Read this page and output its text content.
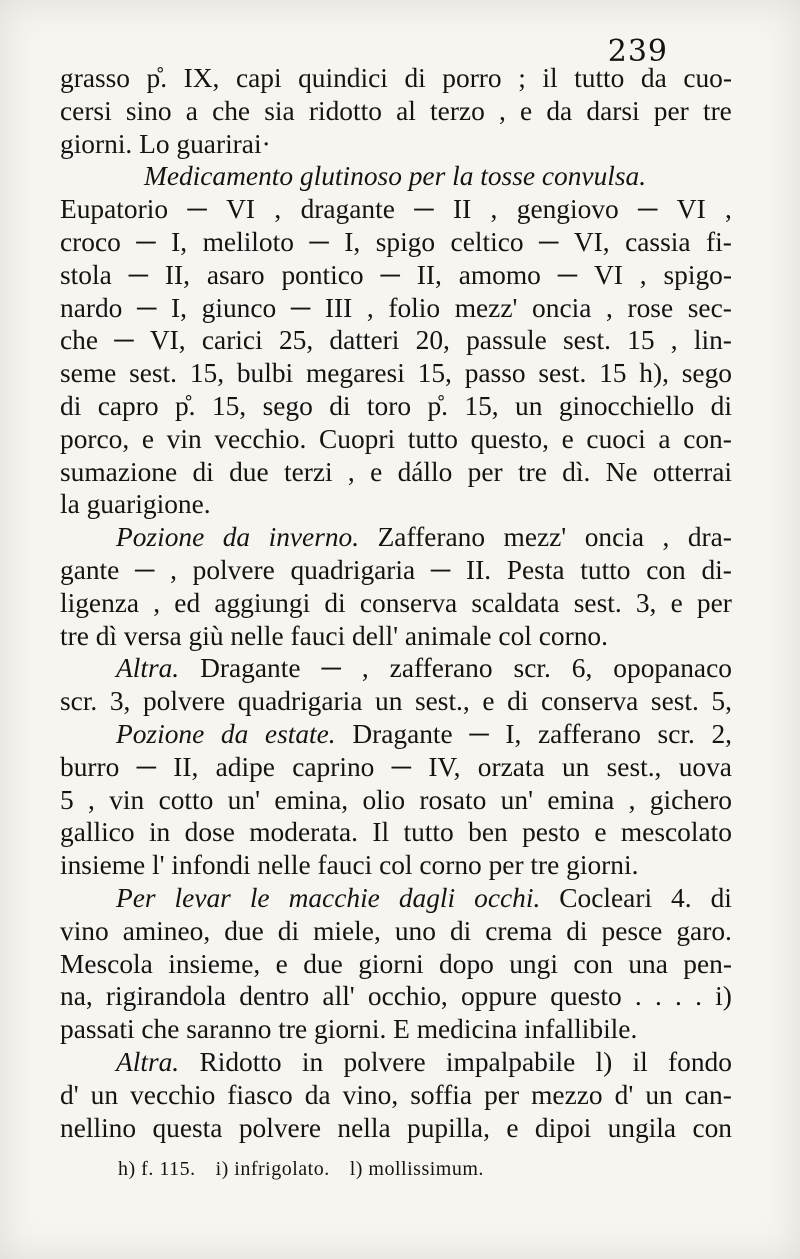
239
grasso p̊. IX, capi quindici di porro ; il tutto da cuo-
cersi sino a che sia ridotto al terzo , e da darsi per tre
giorni. Lo guarirai·
Medicamento glutinoso per la tosse convulsa.
Eupatorio ─ VI , dragante ─ II , gengiovo ─ VI ,
croco ─ I, meliloto ─ I, spigo celtico ─ VI, cassia fi-
stola ─ II, asaro pontico ─ II, amomo ─ VI , spigo-
nardo ─ I, giunco ─ III , folio mezz' oncia , rose sec-
che ─ VI, carici 25, datteri 20, passule sest. 15 , lin-
seme sest. 15, bulbi megaresi 15, passo sest. 15 h), sego
di capro p̊. 15, sego di toro p̊. 15, un ginocchiello di
porco, e vin vecchio. Cuopri tutto questo, e cuoci a con-
sumazione di due terzi , e dállo per tre dì. Ne otterrai
la guarigione.
Pozione da inverno. Zafferano mezz' oncia , dra-
gante ─ , polvere quadrigaria ─ II. Pesta tutto con di-
ligenza , ed aggiungi di conserva scaldata sest. 3, e per
tre dì versa giù nelle fauci dell' animale col corno.
Altra. Dragante ─ , zafferano scr. 6, opopanaco
scr. 3, polvere quadrigaria un sest., e di conserva sest. 5,
Pozione da estate. Dragante ─ I, zafferano scr. 2,
burro ─ II, adipe caprino ─ IV, orzata un sest., uova
5 , vin cotto un' emina, olio rosato un' emina , gichero
gallico in dose moderata. Il tutto ben pesto e mescolato
insieme l' infondi nelle fauci col corno per tre giorni.
Per levar le macchie dagli occhi. Cocleari 4. di
vino amineo, due di miele, uno di crema di pesce garo.
Mescola insieme, e due giorni dopo ungi con una pen-
na, rigirandola dentro all' occhio, oppure questo . . . . i)
passati che saranno tre giorni. E medicina infallibile.
Altra. Ridotto in polvere impalpabile l) il fondo
d' un vecchio fiasco da vino, soffia per mezzo d' un can-
nellino questa polvere nella pupilla, e dipoi ungila con
h) f. 115. i) infrigolato. l) mollissimum.
